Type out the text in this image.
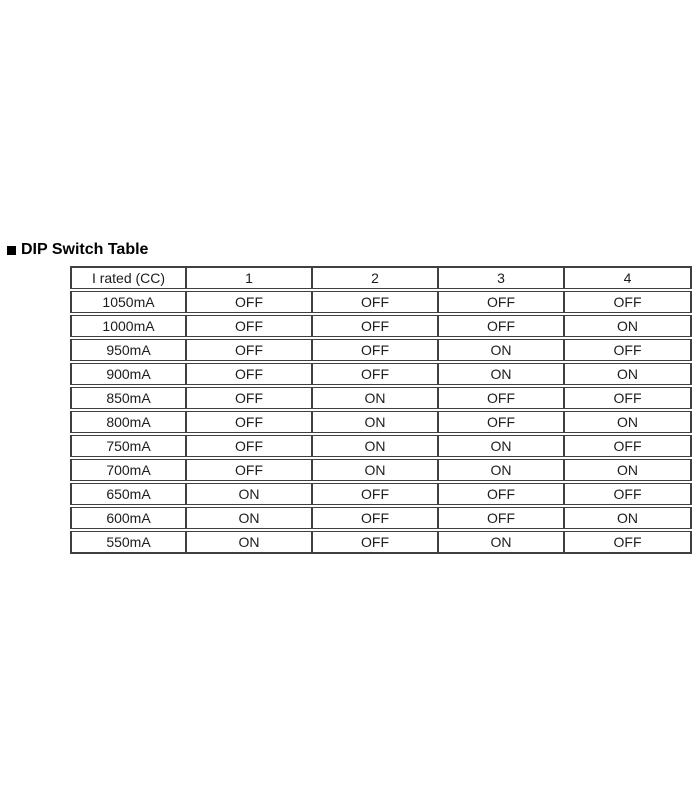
DIP Switch Table
I rated (CC)	1	2	3	4
1050mA	OFF	OFF	OFF	OFF
1000mA	OFF	OFF	OFF	ON
950mA	OFF	OFF	ON	OFF
900mA	OFF	OFF	ON	ON
850mA	OFF	ON	OFF	OFF
800mA	OFF	ON	OFF	ON
750mA	OFF	ON	ON	OFF
700mA	OFF	ON	ON	ON
650mA	ON	OFF	OFF	OFF
600mA	ON	OFF	OFF	ON
550mA	ON	OFF	ON	OFF
